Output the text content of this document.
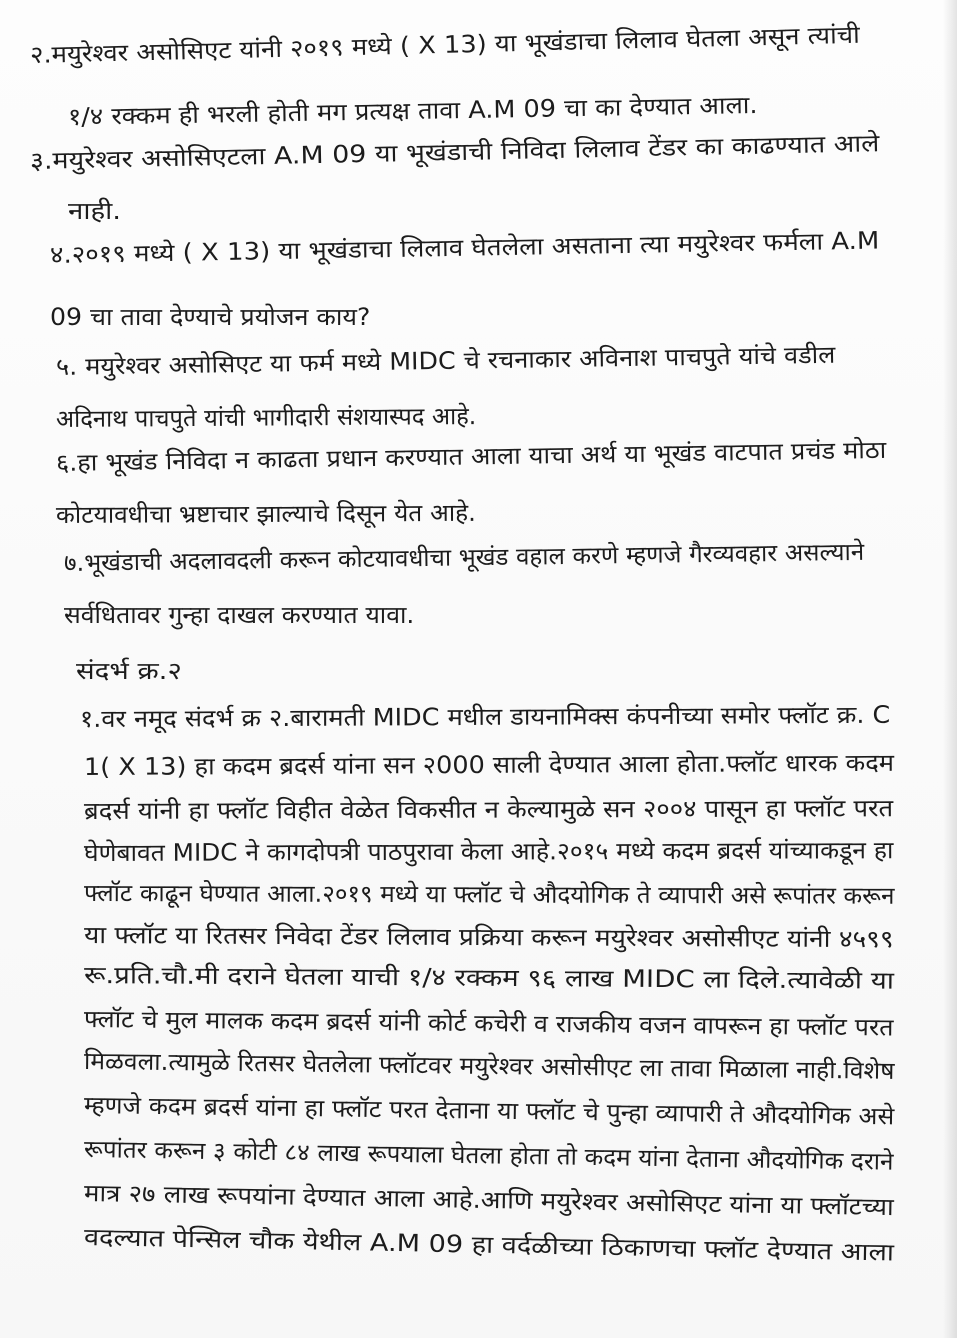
२.मयुरेश्वर असोसिएट यांनी २०१९ मध्ये ( X 13) या भूखंडाचा लिलाव घेतला असून त्यांची
१/४ रक्कम ही भरली होती मग प्रत्यक्ष तावा A.M 09 चा का देण्यात आला.
३.मयुरेश्वर असोसिएटला A.M 09 या भूखंडाची निविदा लिलाव टेंडर का काढण्यात आले
नाही.
४.२०१९ मध्ये ( X 13) या भूखंडाचा लिलाव घेतलेला असताना त्या मयुरेश्वर फर्मला A.M
09 चा तावा देण्याचे प्रयोजन काय?
५. मयुरेश्वर असोसिएट या फर्म मध्ये MIDC चे रचनाकार अविनाश पाचपुते यांचे वडील
अदिनाथ पाचपुते यांची भागीदारी संशयास्पद आहे.
६.हा भूखंड निविदा न काढता प्रधान करण्यात आला याचा अर्थ या भूखंड वाटपात प्रचंड मोठा
कोटयावधीचा भ्रष्टाचार झाल्याचे दिसून येत आहे.
७.भूखंडाची अदलावदली करून कोटयावधीचा भूखंड वहाल करणे म्हणजे गैरव्यवहार असल्याने
सर्वधितावर गुन्हा दाखल करण्यात यावा.
संदर्भ क्र.२
१.वर नमूद संदर्भ क्र २.बारामती MIDC मधील डायनामिक्स कंपनीच्या समोर फ्लॉट क्र. C
1( X 13) हा कदम ब्रदर्स यांना सन २000 साली देण्यात आला होता.फ्लॉट धारक कदम
ब्रदर्स यांनी हा फ्लॉट विहीत वेळेत विकसीत न केल्यामुळे सन २००४ पासून हा फ्लॉट परत
घेणेबावत MIDC ने कागदोपत्री पाठपुरावा केला आहे.२०१५ मध्ये कदम ब्रदर्स यांच्याकडून हा
फ्लॉट काढून घेण्यात आला.२०१९ मध्ये या फ्लॉट चे औदयोगिक ते व्यापारी असे रूपांतर करून
या फ्लॉट या रितसर निवेदा टेंडर लिलाव प्रक्रिया करून मयुरेश्वर असोसीएट यांनी ४५९९
रू.प्रति.चौ.मी दराने घेतला याची १/४ रक्कम ९६ लाख MIDC ला दिले.त्यावेळी या
फ्लॉट चे मुल मालक कदम ब्रदर्स यांनी कोर्ट कचेरी व राजकीय वजन वापरून हा फ्लॉट परत
मिळवला.त्यामुळे रितसर घेतलेला फ्लॉटवर मयुरेश्वर असोसीएट ला तावा मिळाला नाही.विशेष
म्हणजे कदम ब्रदर्स यांना हा फ्लॉट परत देताना या फ्लॉट चे पुन्हा व्यापारी ते औदयोगिक असे
रूपांतर करून ३ कोटी ८४ लाख रूपयाला घेतला होता तो कदम यांना देताना औदयोगिक दराने
मात्र २७ लाख रूपयांना देण्यात आला आहे.आणि मयुरेश्वर असोसिएट यांना या फ्लॉटच्या
वदल्यात पेन्सिल चौक येथील A.M 09 हा वर्दळीच्या ठिकाणचा फ्लॉट देण्यात आला
